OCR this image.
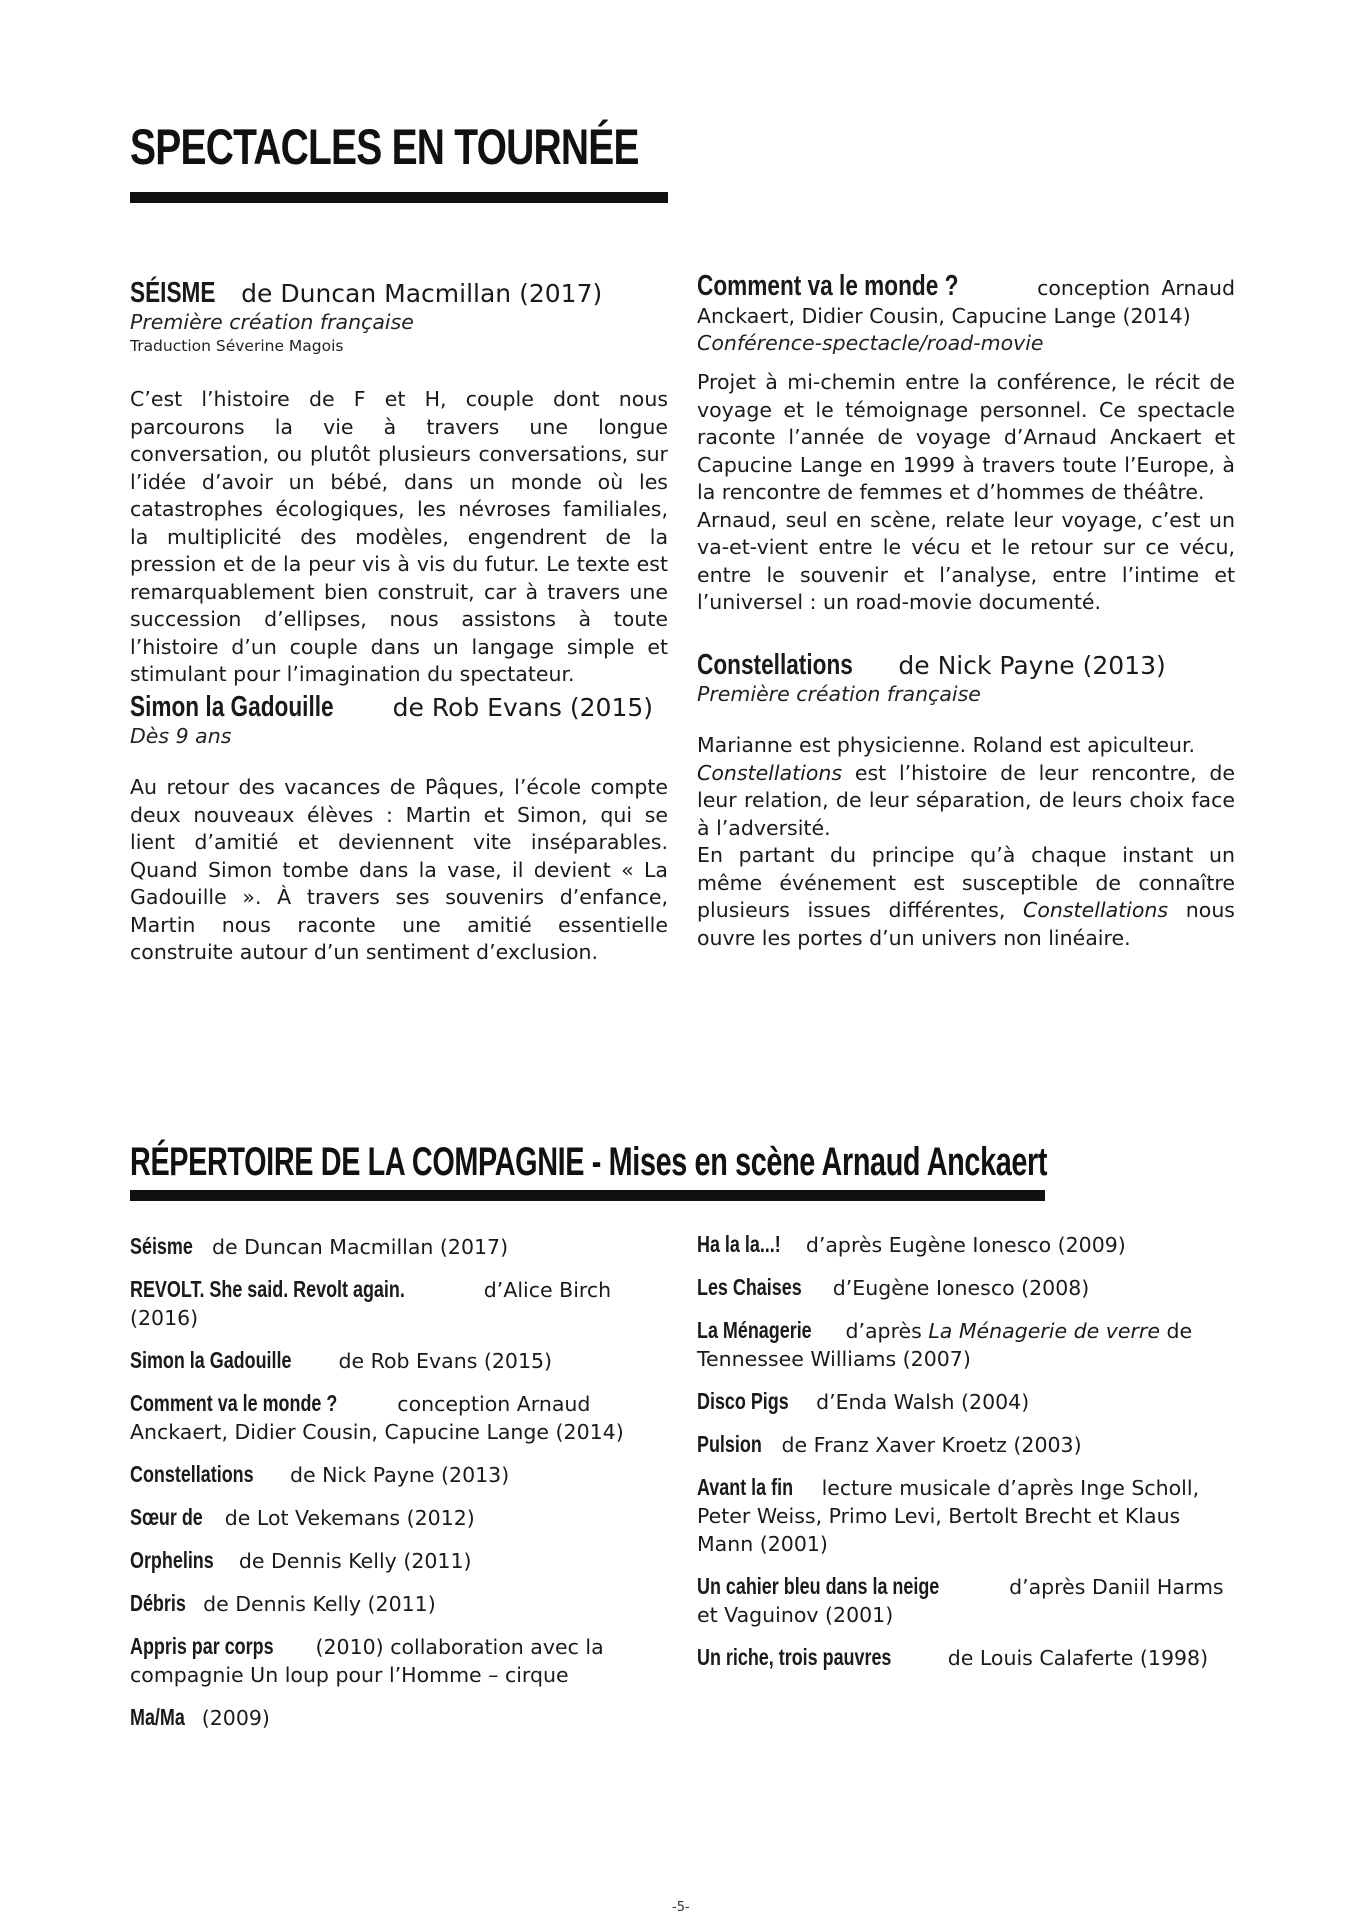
SPECTACLES EN TOURNÉE
SÉISME de Duncan Macmillan (2017)
Première création française
Traduction Séverine Magois

C’est l’histoire de F et H, couple dont nous parcourons la vie à travers une longue conversation, ou plutôt plusieurs conversations, sur l’idée d’avoir un bébé, dans un monde où les catastrophes écologiques, les névroses familiales, la multiplicité des modèles, engendrent de la pression et de la peur vis à vis du futur. Le texte est remarquablement bien construit, car à travers une succession d’ellipses, nous assistons à toute l’histoire d’un couple dans un langage simple et stimulant pour l’imagination du spectateur.

Simon la Gadouille de Rob Evans (2015)
Dès 9 ans

Au retour des vacances de Pâques, l’école compte deux nouveaux élèves : Martin et Simon, qui se lient d’amitié et deviennent vite inséparables. Quand Simon tombe dans la vase, il devient « La Gadouille ». À travers ses souvenirs d’enfance, Martin nous raconte une amitié essentielle construite autour d’un sentiment d’exclusion.

Comment va le monde ?	conception Arnaud Anckaert, Didier Cousin, Capucine Lange (2014)
Conférence-spectacle/road-movie

Projet à mi-chemin entre la conférence, le récit de voyage et le témoignage personnel. Ce spectacle raconte l’année de voyage d’Arnaud Anckaert et Capucine Lange en 1999 à travers toute l’Europe, à la rencontre de femmes et d’hommes de théâtre.

Arnaud, seul en scène, relate leur voyage, c’est un va-et-vient entre le vécu et le retour sur ce vécu, entre le souvenir et l’analyse, entre l’intime et l’universel : un road-movie documenté.

Constellations de Nick Payne (2013)
Première création française

Marianne est physicienne. Roland est apiculteur.

Constellations est l’histoire de leur rencontre, de leur relation, de leur séparation, de leurs choix face à l’adversité.

En partant du principe qu’à chaque instant un même événement est susceptible de connaître plusieurs issues différentes, Constellations nous ouvre les portes d’un univers non linéaire.

RÉPERTOIRE DE LA COMPAGNIE - Mises en scène Arnaud Anckaert
Séisme de Duncan Macmillan (2017)
REVOLT. She said. Revolt again.	d’Alice Birch (2016)
Simon la Gadouille de Rob Evans (2015)
Comment va le monde ?	conception Arnaud Anckaert, Didier Cousin, Capucine Lange (2014)
Constellations de Nick Payne (2013)
Sœur de de Lot Vekemans (2012)
Orphelins de Dennis Kelly (2011)
Débris de Dennis Kelly (2011)
Appris par corps (2010) collaboration avec la compagnie Un loup pour l’Homme – cirque
Ma/Ma (2009)
Ha la la...! d’après Eugène Ionesco (2009)
Les Chaises d’Eugène Ionesco (2008)
La Ménagerie d’après La Ménagerie de verre de Tennessee Williams (2007)
Disco Pigs d’Enda Walsh (2004)
Pulsion de Franz Xaver Kroetz (2003)
Avant la fin lecture musicale d’après Inge Scholl, Peter Weiss, Primo Levi, Bertolt Brecht et Klaus Mann (2001)
Un cahier bleu dans la neige	d’après Daniil Harms et Vaguinov (2001)
Un riche, trois pauvres de Louis Calaferte (1998)
-5-
